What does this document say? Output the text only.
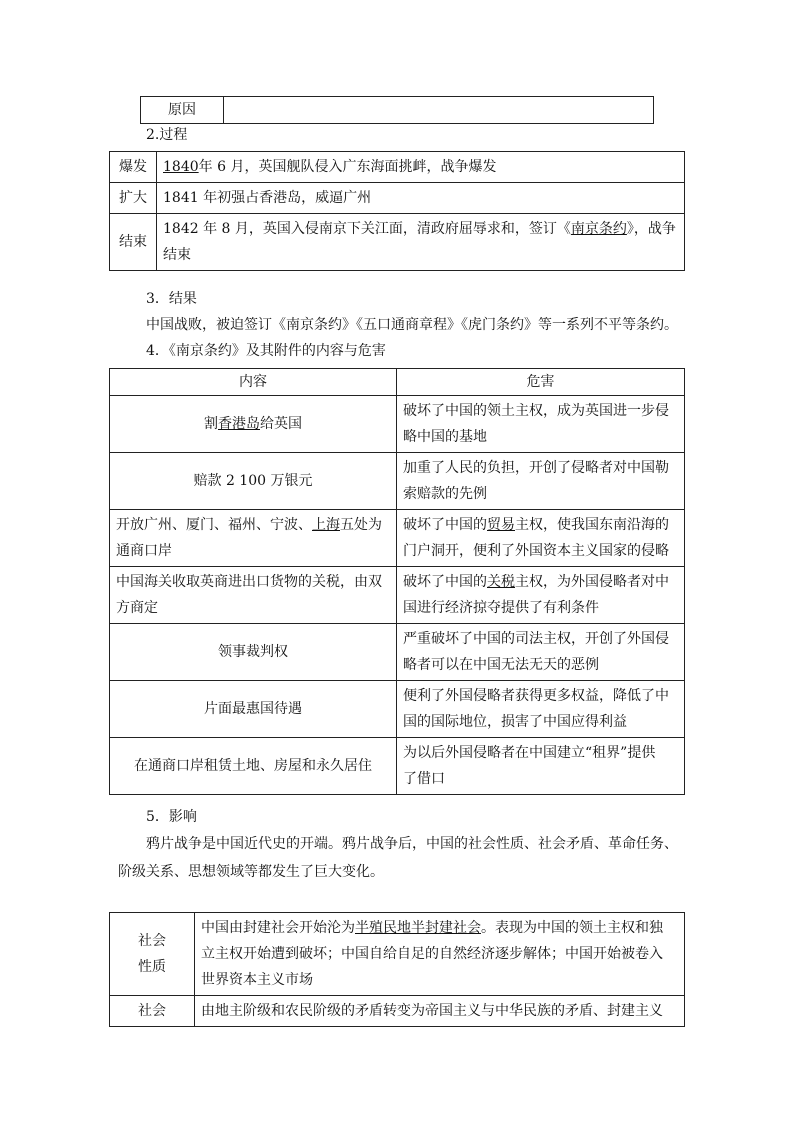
原因	
2.过程
爆发	1840年 6 月，英国舰队侵入广东海面挑衅，战争爆发
扩大	1841 年初强占香港岛，威逼广州
结束	1842 年 8 月，英国入侵南京下关江面，清政府屈辱求和，签订《南京条约》，战争
结束
3．结果
中国战败，被迫签订《南京条约》《五口通商章程》《虎门条约》等一系列不平等条约。
4．《南京条约》及其附件的内容与危害
内容	危害
割香港岛给英国	破坏了中国的领土主权，成为英国进一步侵
略中国的基地
赔款 2 100 万银元	加重了人民的负担，开创了侵略者对中国勒
索赔款的先例
开放广州、厦门、福州、宁波、上海五处为
通商口岸	破坏了中国的贸易主权，使我国东南沿海的
门户洞开，便利了外国资本主义国家的侵略
中国海关收取英商进出口货物的关税，由双
方商定	破坏了中国的关税主权，为外国侵略者对中
国进行经济掠夺提供了有利条件
领事裁判权	严重破坏了中国的司法主权，开创了外国侵
略者可以在中国无法无天的恶例
片面最惠国待遇	便利了外国侵略者获得更多权益，降低了中
国的国际地位，损害了中国应得利益
在通商口岸租赁土地、房屋和永久居住	为以后外国侵略者在中国建立“租界”提供
了借口
5．影响
鸦片战争是中国近代史的开端。鸦片战争后，中国的社会性质、社会矛盾、革命任务、
阶级关系、思想领域等都发生了巨大变化。
社会
性质	中国由封建社会开始沦为半殖民地半封建社会。表现为中国的领土主权和独
立主权开始遭到破坏；中国自给自足的自然经济逐步解体；中国开始被卷入
世界资本主义市场
社会	由地主阶级和农民阶级的矛盾转变为帝国主义与中华民族的矛盾、封建主义
